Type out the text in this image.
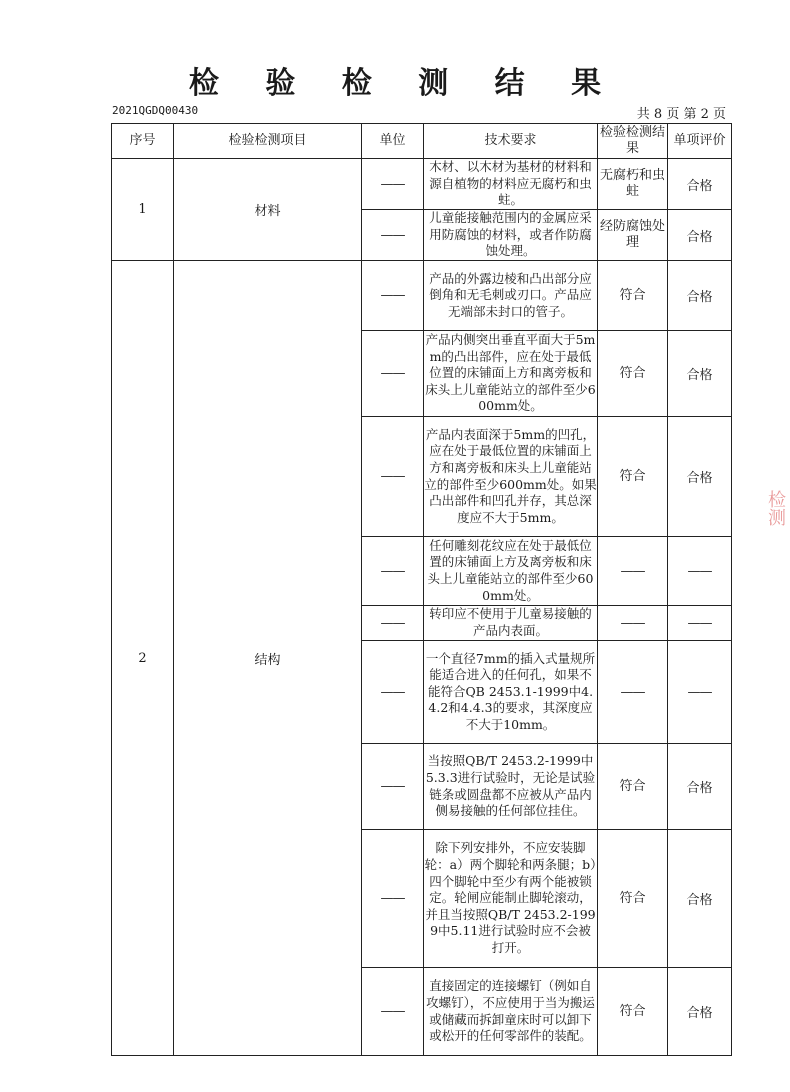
检 验 检 测 结 果
2021QGDQ00430	共 8 页 第 2 页
序号	检验检测项目	单位	技术要求	检验检测结果	单项评价
1	材料	——	木材、以木材为基材的材料和源自植物的材料应无腐朽和虫蛀。	无腐朽和虫蛀	合格
		——	儿童能接触范围内的金属应采用防腐蚀的材料，或者作防腐蚀处理。	经防腐蚀处理	合格
2	结构	——	产品的外露边棱和凸出部分应倒角和无毛刺或刃口。产品应无端部未封口的管子。	符合	合格
		——	产品内侧突出垂直平面大于5mm的凸出部件，应在处于最低位置的床铺面上方和离旁板和床头上儿童能站立的部件至少600mm处。	符合	合格
		——	产品内表面深于5mm的凹孔，应在处于最低位置的床铺面上方和离旁板和床头上儿童能站立的部件至少600mm处。如果凸出部件和凹孔并存，其总深度应不大于5mm。	符合	合格
		——	任何雕刻花纹应在处于最低位置的床铺面上方及离旁板和床头上儿童能站立的部件至少600mm处。	——	——
		——	转印应不使用于儿童易接触的产品内表面。	——	——
		——	一个直径7mm的插入式量规所能适合进入的任何孔，如果不能符合QB 2453.1-1999中4.4.2和4.4.3的要求，其深度应不大于10mm。	——	——
		——	当按照QB/T 2453.2-1999中5.3.3进行试验时，无论是试验链条或圆盘都不应被从产品内侧易接触的任何部位挂住。	符合	合格
		——	除下列安排外，不应安装脚轮：a）两个脚轮和两条腿；b）四个脚轮中至少有两个能被锁定。轮闸应能制止脚轮滚动，并且当按照QB/T 2453.2-1999中5.11进行试验时应不会被打开。	符合	合格
		——	直接固定的连接螺钉（例如自攻螺钉），不应使用于当为搬运或储藏而拆卸童床时可以卸下或松开的任何零部件的装配。	符合	合格
检测
